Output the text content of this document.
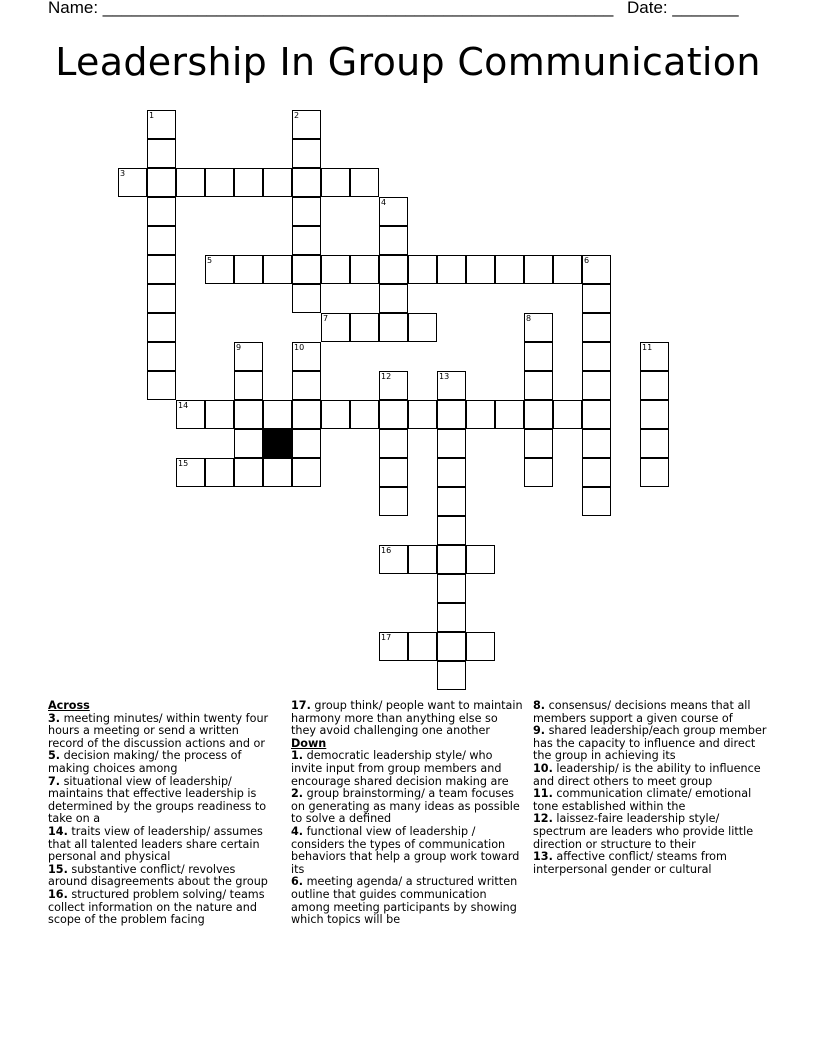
Name: ______________________________________________________ Date: _______
Leadership In Group Communication
1	2
3
4
5	6
7	8
9	10	11
12	13
14
15
16
17

Across

3. meeting minutes/ within twenty four hours a meeting or send a written record of the discussion actions and or

5. decision making/ the process of making choices among

7. situational view of leadership/ maintains that effective leadership is determined by the groups readiness to take on a

14. traits view of leadership/ assumes that all talented leaders share certain personal and physical

15. substantive conflict/ revolves around disagreements about the group

16. structured problem solving/ teams collect information on the nature and scope of the problem facing

17. group think/ people want to maintain harmony more than anything else so they avoid challenging one another

Down

1. democratic leadership style/ who invite input from group members and encourage shared decision making are

2. group brainstorming/ a team focuses on generating as many ideas as possible to solve a defined

4. functional view of leadership / considers the types of communication behaviors that help a group work toward its

6. meeting agenda/ a structured written outline that guides communication among meeting participants by showing which topics will be

8. consensus/ decisions means that all members support a given course of

9. shared leadership/each group member has the capacity to influence and direct the group in achieving its

10. leadership/ is the ability to influence and direct others to meet group

11. communication climate/ emotional tone established within the

12. laissez-faire leadership style/ spectrum are leaders who provide little direction or structure to their

13. affective conflict/ steams from interpersonal gender or cultural
